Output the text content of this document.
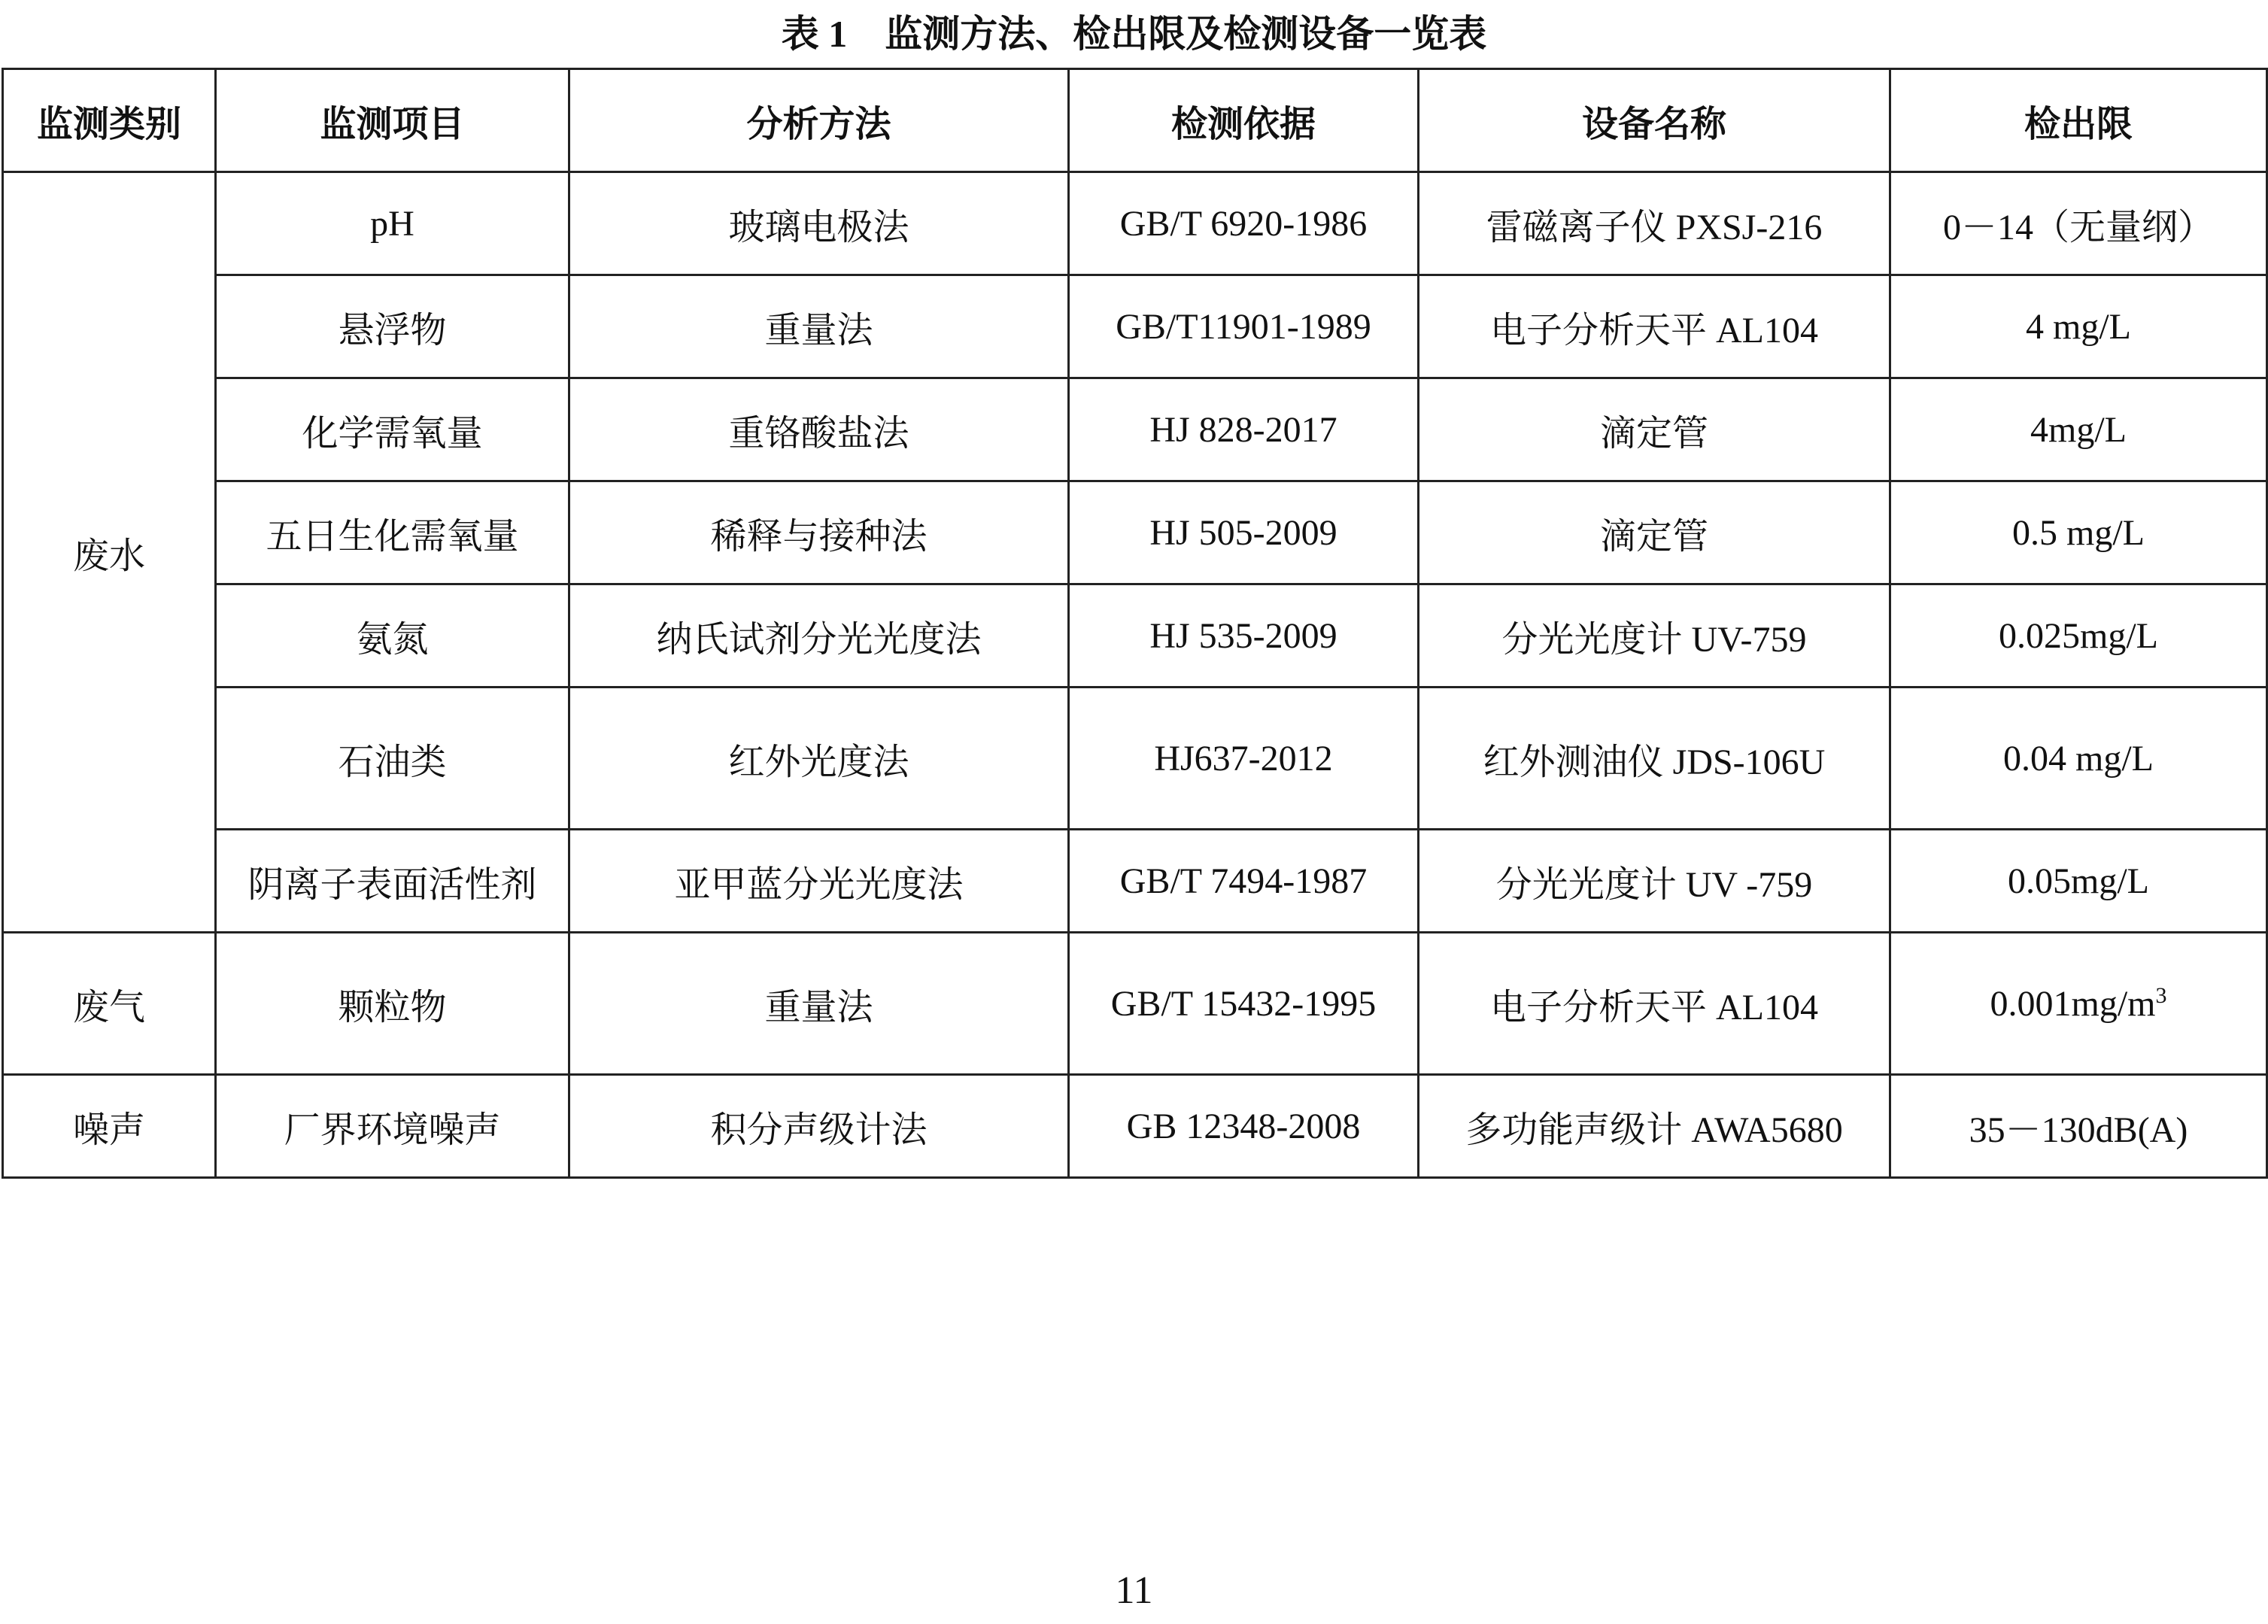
表 1    监测方法、检出限及检测设备一览表
监测类别	监测项目	分析方法	检测依据	设备名称	检出限
废水	pH	玻璃电极法	GB/T 6920-1986	雷磁离子仪 PXSJ-216	0－14（无量纲）
	悬浮物	重量法	GB/T11901-1989	电子分析天平 AL104	4 mg/L
	化学需氧量	重铬酸盐法	HJ 828-2017	滴定管	4mg/L
	五日生化需氧量	稀释与接种法	HJ 505-2009	滴定管	0.5 mg/L
	氨氮	纳氏试剂分光光度法	HJ 535-2009	分光光度计 UV-759	0.025mg/L
	石油类	红外光度法	HJ637-2012	红外测油仪 JDS-106U	0.04 mg/L
	阴离子表面活性剂	亚甲蓝分光光度法	GB/T 7494-1987	分光光度计 UV -759	0.05mg/L
废气	颗粒物	重量法	GB/T 15432-1995	电子分析天平 AL104	$0.001mg/m^3$
噪声	厂界环境噪声	积分声级计法	GB 12348-2008	多功能声级计 AWA5680	35－130dB(A)
11
